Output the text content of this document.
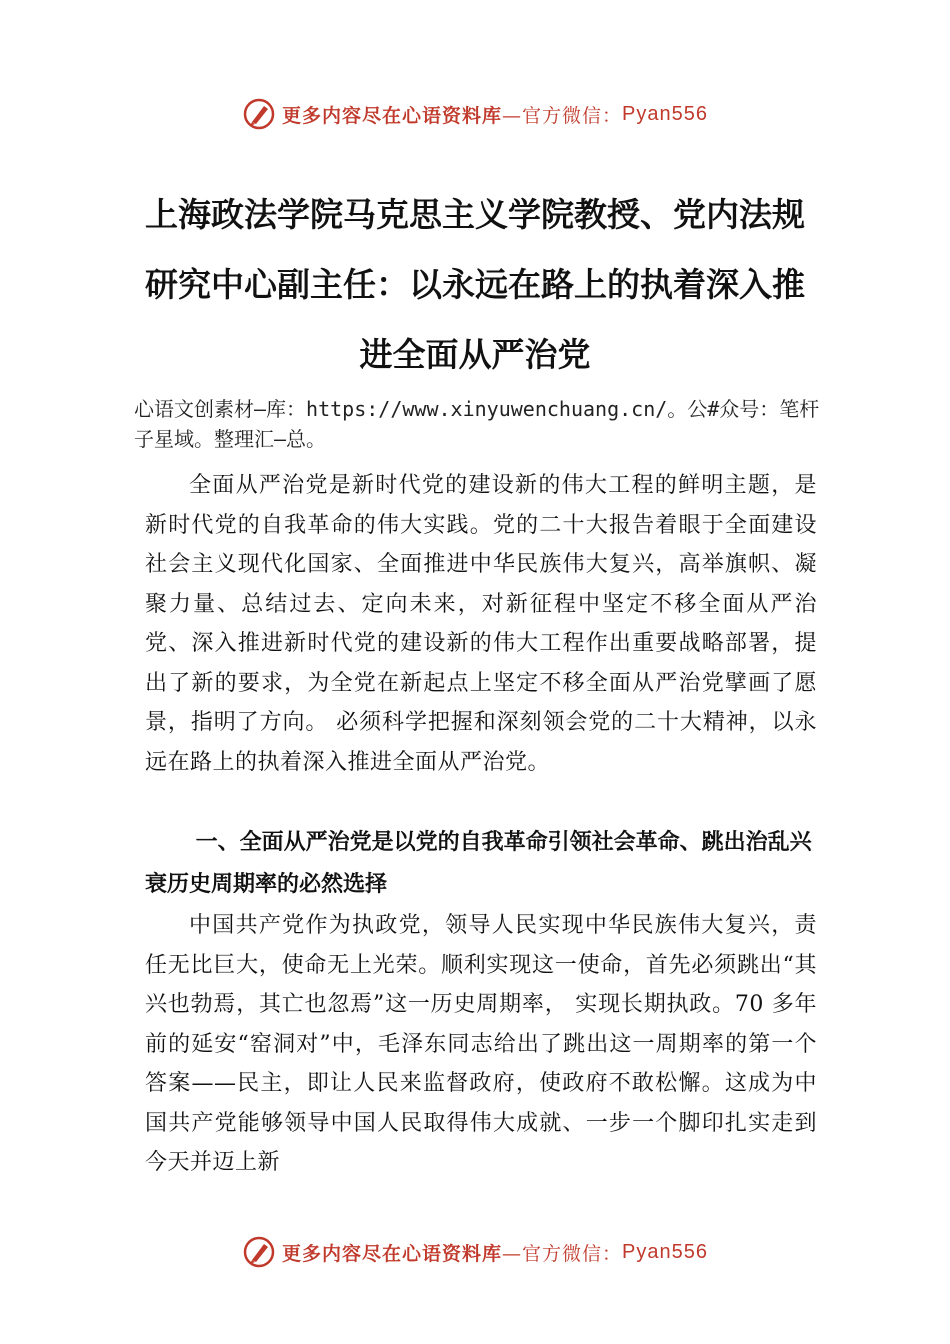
更多内容尽在心语资料库 —官方微信： Pyan556
上海政法学院马克思主义学院教授、党内法规研究中心副主任：以永远在路上的执着深入推进全面从严治党

心语文创素材—库：https://www.xinyuwenchuang.cn/。公#众号：笔杆子星域。整理汇—总。

全面从严治党是新时代党的建设新的伟大工程的鲜明主题，是新时代党的自我革命的伟大实践。党的二十大报告着眼于全面建设社会主义现代化国家、全面推进中华民族伟大复兴，高举旗帜、凝聚力量、总结过去、定向未来，对新征程中坚定不移全面从严治党、深入推进新时代党的建设新的伟大工程作出重要战略部署，提出了新的要求，为全党在新起点上坚定不移全面从严治党擘画了愿景，指明了方向。 必须科学把握和深刻领会党的二十大精神，以永远在路上的执着深入推进全面从严治党。

一、全面从严治党是以党的自我革命引领社会革命、跳出治乱兴衰历史周期率的必然选择

中国共产党作为执政党，领导人民实现中华民族伟大复兴，责任无比巨大，使命无上光荣。顺利实现这一使命，首先必须跳出“其兴也勃焉，其亡也忽焉”这一历史周期率， 实现长期执政。70 多年前的延安“窑洞对”中，毛泽东同志给出了跳出这一周期率的第一个答案——民主，即让人民来监督政府，使政府不敢松懈。这成为中国共产党能够领导中国人民取得伟大成就、一步一个脚印扎实走到今天并迈上新

更多内容尽在心语资料库 —官方微信： Pyan556
